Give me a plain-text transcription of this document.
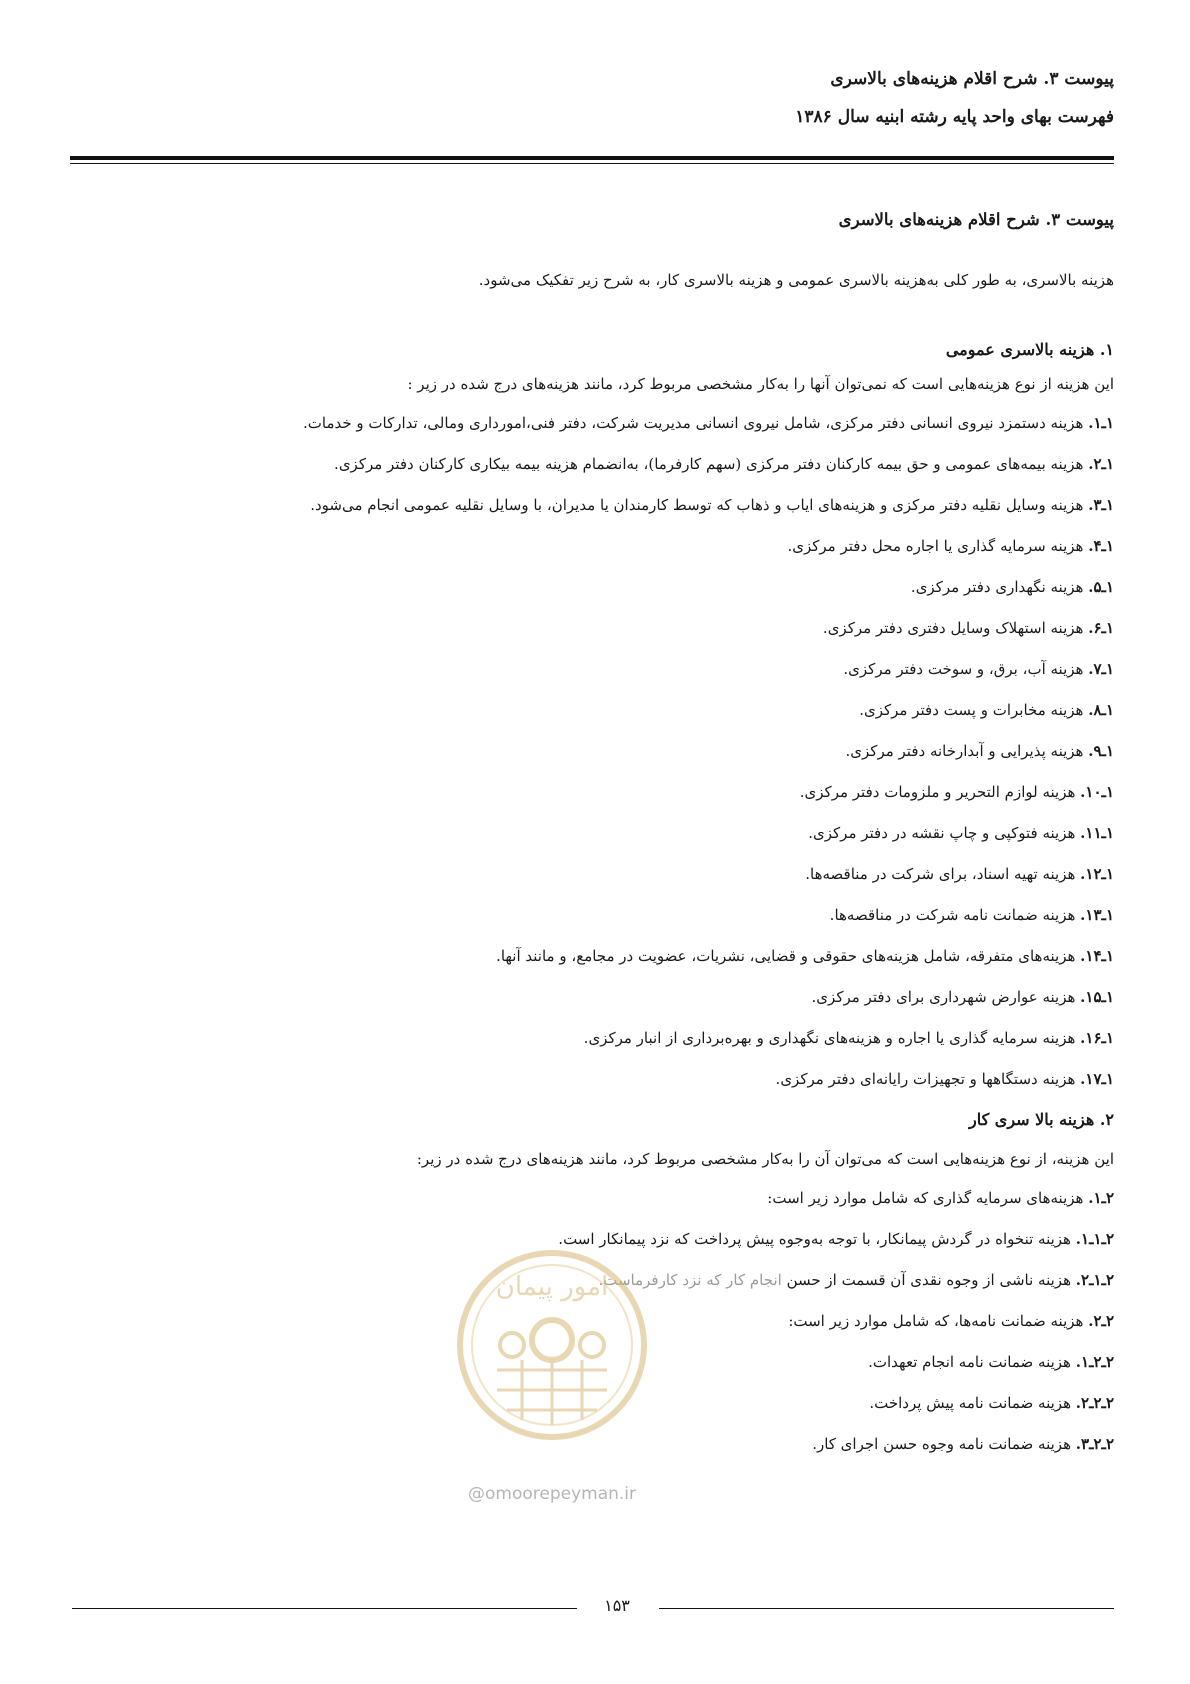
پیوست ۳. شرح اقلام هزینه‌های بالاسری
فهرست بهای واحد پایه رشته ابنیه سال ۱۳۸۶
پیوست ۳. شرح اقلام هزینه‌های بالاسری
هزینه بالاسری، به طور کلی به‌هزینه بالاسری عمومی و هزینه بالاسری کار، به شرح زیر تفکیک می‌شود.
۱. هزینه بالاسری عمومی
این هزینه از نوع هزینه‌هایی است که نمی‌توان آنها را به‌کار مشخصی مربوط کرد، مانند هزینه‌های درج شده در زیر :
۱ـ۱. هزینه دستمزد نیروی انسانی دفتر مرکزی، شامل نیروی انسانی مدیریت شرکت، دفتر فنی،امورداری ومالی، تدارکات و خدمات.
۱ـ۲. هزینه بیمه‌های عمومی و حق بیمه کارکنان دفتر مرکزی (سهم کارفرما)، به‌انضمام هزینه بیمه بیکاری کارکنان دفتر مرکزی.
۱ـ۳. هزینه وسایل نقلیه دفتر مرکزی و هزینه‌های ایاب و ذهاب که توسط کارمندان یا مدیران، با وسایل نقلیه عمومی انجام می‌شود.
۱ـ۴. هزینه سرمایه گذاری یا اجاره محل دفتر مرکزی.
۱ـ۵. هزینه نگهداری دفتر مرکزی.
۱ـ۶. هزینه استهلاک وسایل دفتری دفتر مرکزی.
۱ـ۷. هزینه آب، برق، و سوخت دفتر مرکزی.
۱ـ۸. هزینه مخابرات و پست دفتر مرکزی.
۱ـ۹. هزینه پذیرایی و آبدارخانه دفتر مرکزی.
۱ـ۱۰. هزینه لوازم التحریر و ملزومات دفتر مرکزی.
۱ـ۱۱. هزینه فتوکپی و چاپ نقشه در دفتر مرکزی.
۱ـ۱۲. هزینه تهیه اسناد، برای شرکت در مناقصه‌ها.
۱ـ۱۳. هزینه ضمانت نامه شرکت در مناقصه‌ها.
۱ـ۱۴. هزینه‌های متفرقه، شامل هزینه‌های حقوقی و قضایی، نشریات، عضویت در مجامع، و مانند آنها.
۱ـ۱۵. هزینه عوارض شهرداری برای دفتر مرکزی.
۱ـ۱۶. هزینه سرمایه گذاری یا اجاره و هزینه‌های نگهداری و بهره‌برداری از انبار مرکزی.
۱ـ۱۷. هزینه دستگاهها و تجهیزات رایانه‌ای دفتر مرکزی.
۲. هزینه بالا سری کار
این هزینه، از نوع هزینه‌هایی است که می‌توان آن را به‌کار مشخصی مربوط کرد، مانند هزینه‌های درج شده در زیر:
۲ـ۱. هزینه‌های سرمایه گذاری که شامل موارد زیر است:
۲ـ۱ـ۱. هزینه تنخواه در گردش پیمانکار، با توجه به‌وجوه پیش پرداخت که نزد پیمانکار است.
۲ـ۱ـ۲. هزینه ناشی از وجوه نقدی آن قسمت از حسن انجام کار که نزد کارفرماست.
۲ـ۲. هزینه ضمانت نامه‌ها، که شامل موارد زیر است:
۲ـ۲ـ۱. هزینه ضمانت نامه انجام تعهدات.
۲ـ۲ـ۲. هزینه ضمانت نامه پیش پرداخت.
۲ـ۲ـ۳. هزینه ضمانت نامه وجوه حسن اجرای کار.
امور پیمان
@omoorepeyman.ir
۱۵۳
